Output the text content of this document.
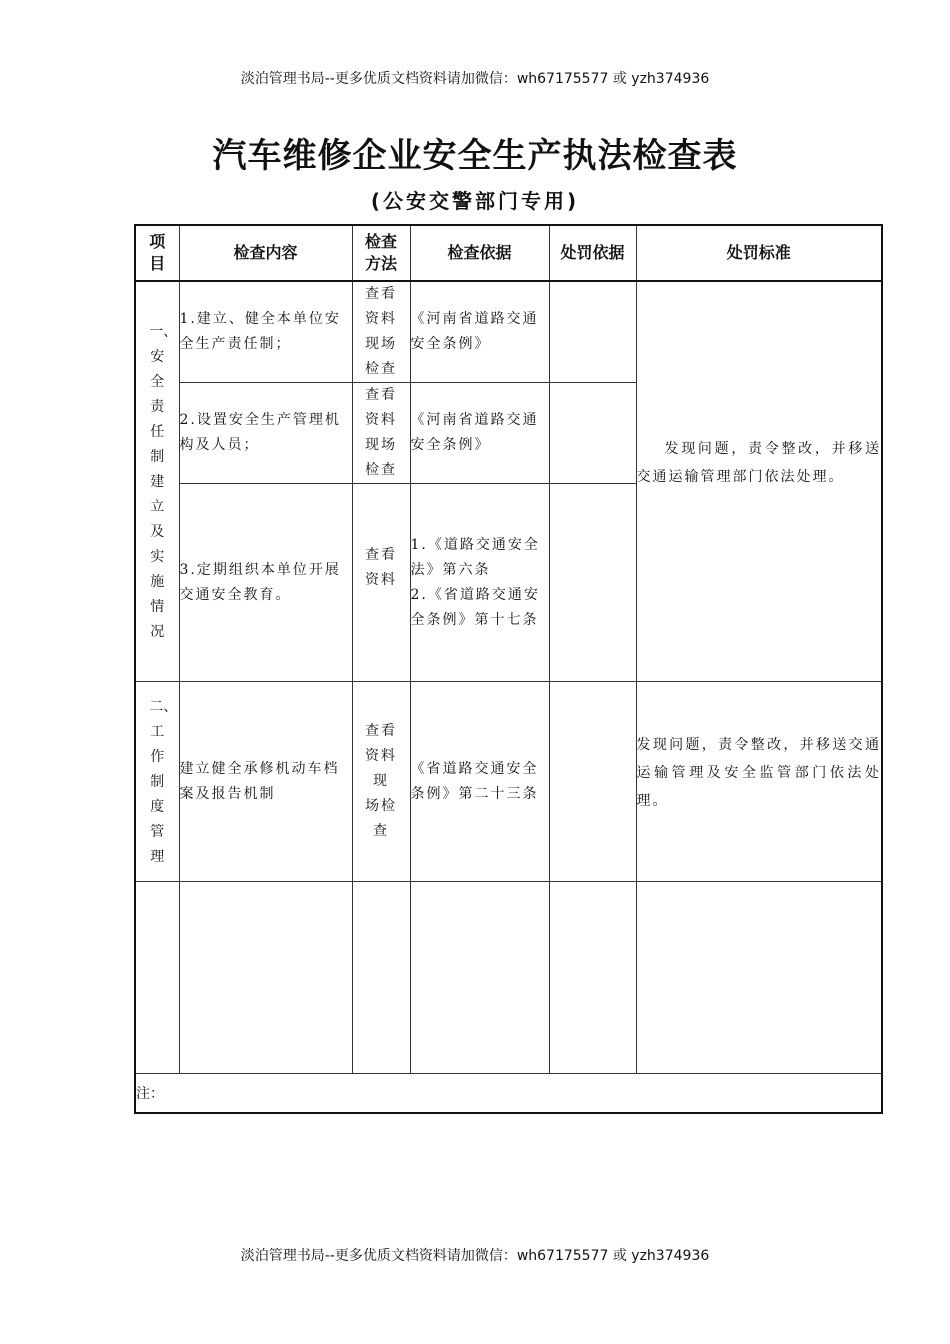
淡泊管理书局--更多优质文档资料请加微信：wh67175577 或 yzh374936
汽车维修企业安全生产执法检查表
(公安交警部门专用)
项目	检查内容	检查方法	检查依据	处罚依据	处罚标准

一、安全责任制建立及实施情况	1.建立、健全本单位安全生产责任制；	查看资料现场检查	《河南省道路交通安全条例》		发现问题，责令整改，并移送交通运输管理部门依法处理。

	2.设置安全生产管理机构及人员；	查看资料现场检查	《河南省道路交通安全条例》		
	3.定期组织本单位开展交通安全教育。	查看资料	1.《道路交通安全法》第六条
2.《省道路交通安全条例》第十七条		

二、工作制度管理	建立健全承修机动车档案及报告机制	查看资料现 场检查	《省道路交通安全条例》第二十三条		发现问题，责令整改，并移送交通运输管理及安全监管部门依法处理。

注：					
淡泊管理书局--更多优质文档资料请加微信：wh67175577 或 yzh374936
